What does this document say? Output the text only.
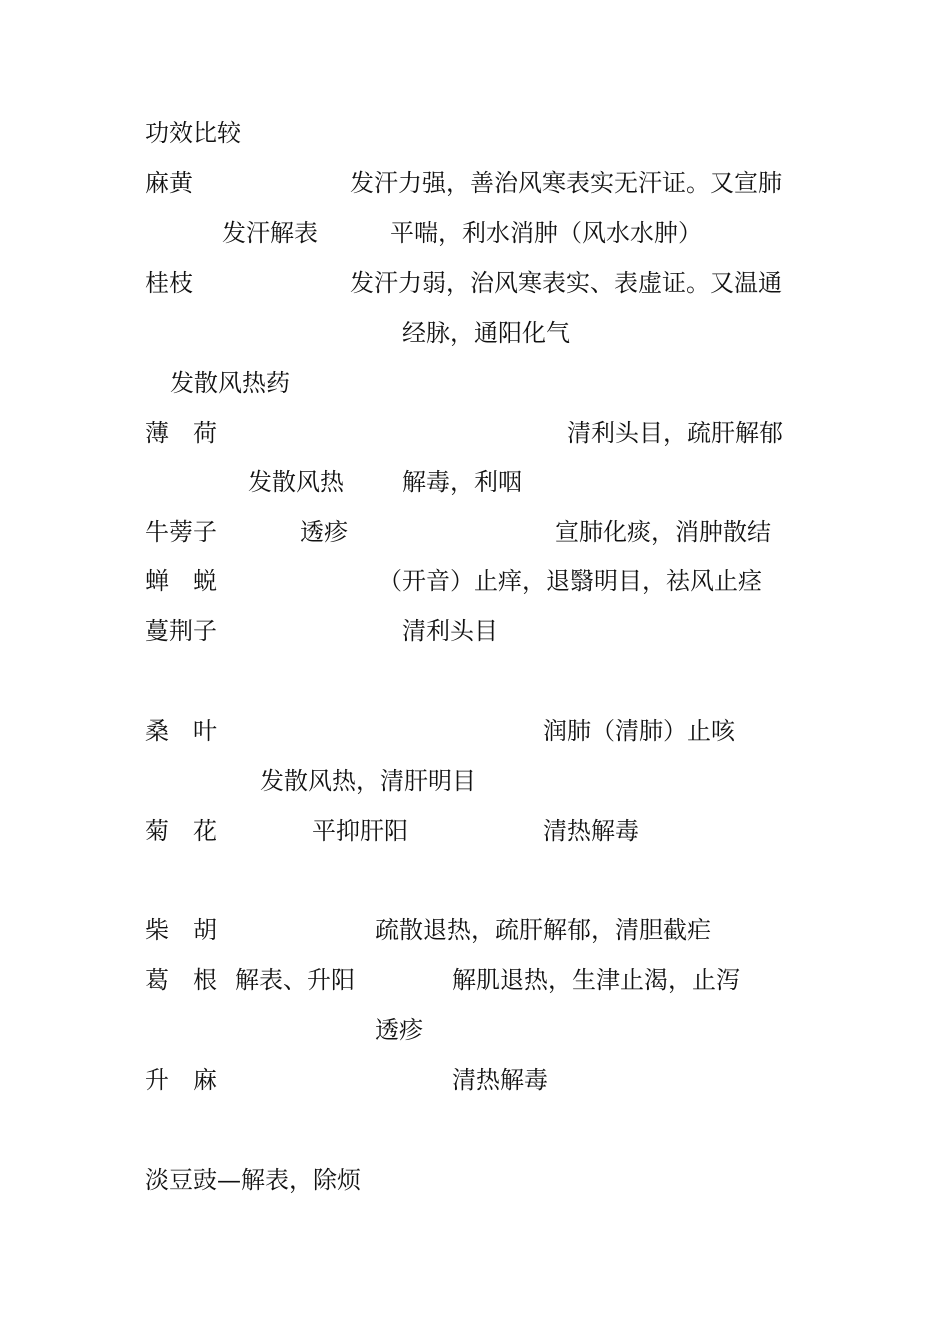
功效比较
麻黄	发汗力强，善治风寒表实无汗证。又宣肺
发汗解表	平喘，利水消肿（风水水肿）
桂枝	发汗力弱，治风寒表实、表虚证。又温通
经脉，通阳化气
发散风热药
薄　荷	清利头目，疏肝解郁
发散风热 解毒，利咽
牛蒡子	透疹	宣肺化痰，消肿散结
蝉　蜕	（开音）止痒，退翳明目，祛风止痉
蔓荆子	清利头目
桑　叶	润肺（清肺）止咳
发散风热，清肝明目
菊　花	平抑肝阳	清热解毒
柴　胡	疏散退热，疏肝解郁，清胆截疟
葛　根 解表、升阳	解肌退热，生津止渴，止泻
透疹
升　麻	清热解毒
淡豆豉—解表，除烦
